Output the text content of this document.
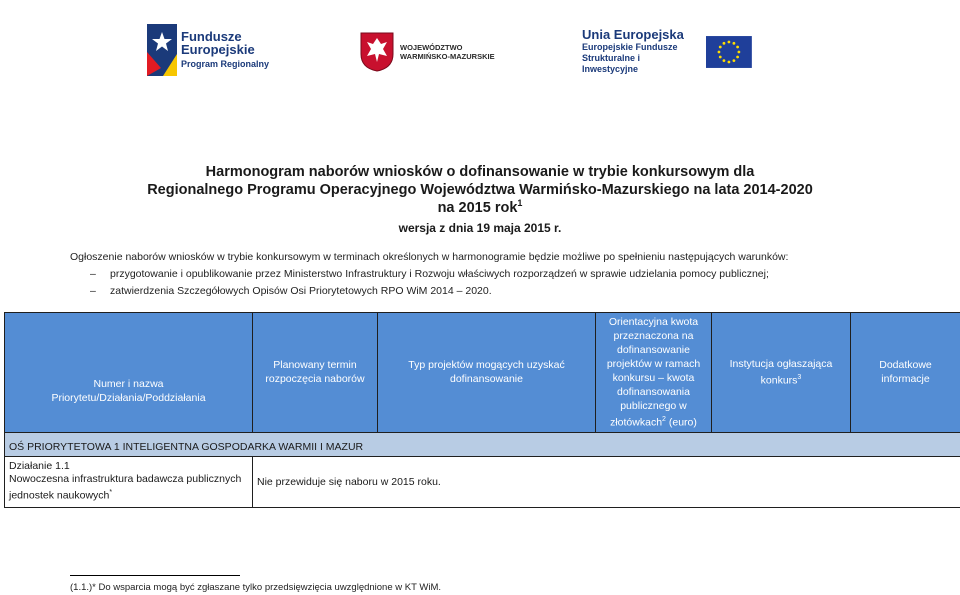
Fundusze
Europejskie
Program Regionalny
WOJEWÓDZTWO
WARMIŃSKO-MAZURSKIE
Unia Europejska
Europejskie Fundusze
Strukturalne i Inwestycyjne
Harmonogram naborów wniosków o dofinansowanie w trybie konkursowym dla
Regionalnego Programu Operacyjnego Województwa Warmińsko-Mazurskiego na lata 2014-2020
na 2015 rok$^1$
wersja z dnia 19 maja 2015 r.
Ogłoszenie naborów wniosków w trybie konkursowym w terminach określonych w harmonogramie będzie możliwe po spełnieniu następujących warunków:
–	przygotowanie i opublikowanie przez Ministerstwo Infrastruktury i Rozwoju właściwych rozporządzeń w sprawie udzielania pomocy publicznej;
–	zatwierdzenia Szczegółowych Opisów Osi Priorytetowych RPO WiM 2014 – 2020.
Numer i nazwa
Priorytetu/Działania/Poddziałania	Planowany termin rozpoczęcia naborów	Typ projektów mogących uzyskać dofinansowanie	Orientacyjna kwota przeznaczona na dofinansowanie projektów w ramach konkursu – kwota dofinansowania publicznego w złotówkach$^2$ (euro)	Instytucja ogłaszająca konkurs$^3$	Dodatkowe informacje
OŚ PRIORYTETOWA 1 INTELIGENTNA GOSPODARKA WARMII I MAZUR					

Działanie 1.1
Nowoczesna infrastruktura badawcza publicznych jednostek naukowych*	Nie przewiduje się naboru w 2015 roku.				
(1.1.)* Do wsparcia mogą być zgłaszane tylko przedsięwzięcia uwzględnione w KT WiM.
